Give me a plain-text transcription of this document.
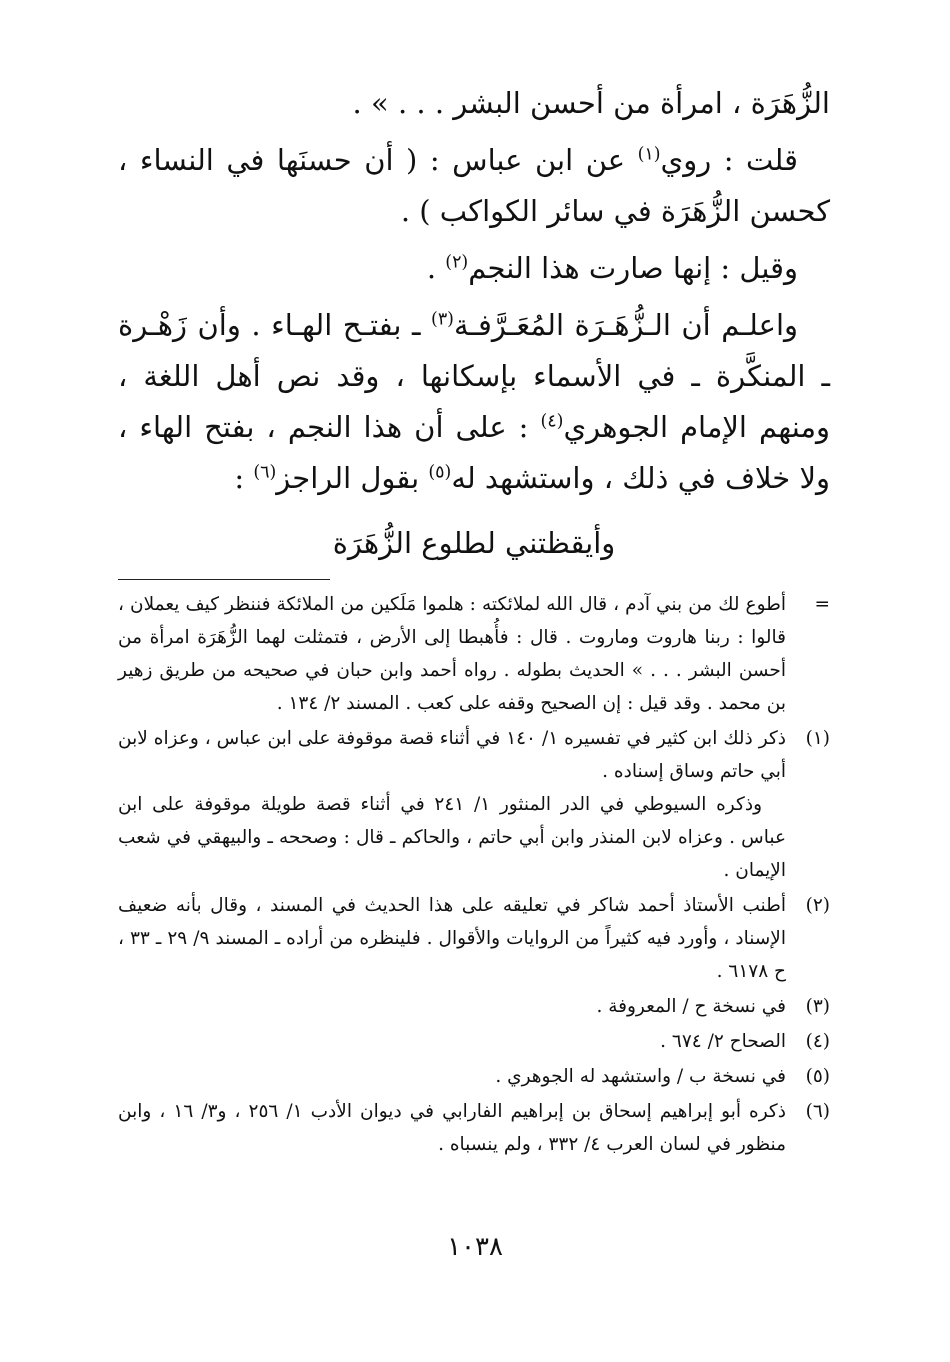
الزُّهَرَة ، امرأة من أحسن البشر . . . » .

قلت : روي$^{(١)}$ عن ابن عباس : ( أن حسنَها في النساء ، كحسن الزُّهَرَة في سائر الكواكب ) .

وقيل : إنها صارت هذا النجم$^{(٢)}$ .

واعلـم أن الـزُّهَـرَة المُعَـرَّفـة$^{(٣)}$ ـ بفتـح الهـاء . وأن زَهْـرة ـ المنكَّرة ـ في الأسماء بإسكانها ، وقد نص أهل اللغة ، ومنهم الإمام الجوهري$^{(٤)}$ : على أن هذا النجم ، بفتح الهاء ، ولا خلاف في ذلك ، واستشهد له$^{(٥)}$ بقول الراجز$^{(٦)}$ :

وأيقظتني لطلوع الزُّهَرَة

=
أطوع لك من بني آدم ، قال الله لملائكته : هلموا مَلَكين من الملائكة فننظر كيف يعملان ، قالوا : ربنا هاروت وماروت . قال : فأُهبطا إلى الأرض ، فتمثلت لهما الزُّهَرَة امرأة من أحسن البشر . . . » الحديث بطوله . رواه أحمد وابن حبان في صحيحه من طريق زهير بن محمد . وقد قيل : إن الصحيح وقفه على كعب . المسند ٢/ ١٣٤ .
(١)
ذكر ذلك ابن كثير في تفسيره ١/ ١٤٠ في أثناء قصة موقوفة على ابن عباس ، وعزاه لابن أبي حاتم وساق إسناده .
وذكره السيوطي في الدر المنثور ١/ ٢٤١ في أثناء قصة طويلة موقوفة على ابن عباس . وعزاه لابن المنذر وابن أبي حاتم ، والحاكم ـ قال : وصححه ـ والبيهقي في شعب الإيمان .
(٢)
أطنب الأستاذ أحمد شاكر في تعليقه على هذا الحديث في المسند ، وقال بأنه ضعيف الإسناد ، وأورد فيه كثيراً من الروايات والأقوال . فلينظره من أراده ـ المسند ٩/ ٢٩ ـ ٣٣ ، ح ٦١٧٨ .
(٣)
في نسخة ح / المعروفة .
(٤)
الصحاح ٢/ ٦٧٤ .
(٥)
في نسخة ب / واستشهد له الجوهري .
(٦)
ذكره أبو إبراهيم إسحاق بن إبراهيم الفارابي في ديوان الأدب ١/ ٢٥٦ ، و٣/ ١٦ ، وابن منظور في لسان العرب ٤/ ٣٣٢ ، ولم ينسباه .
١٠٣٨
